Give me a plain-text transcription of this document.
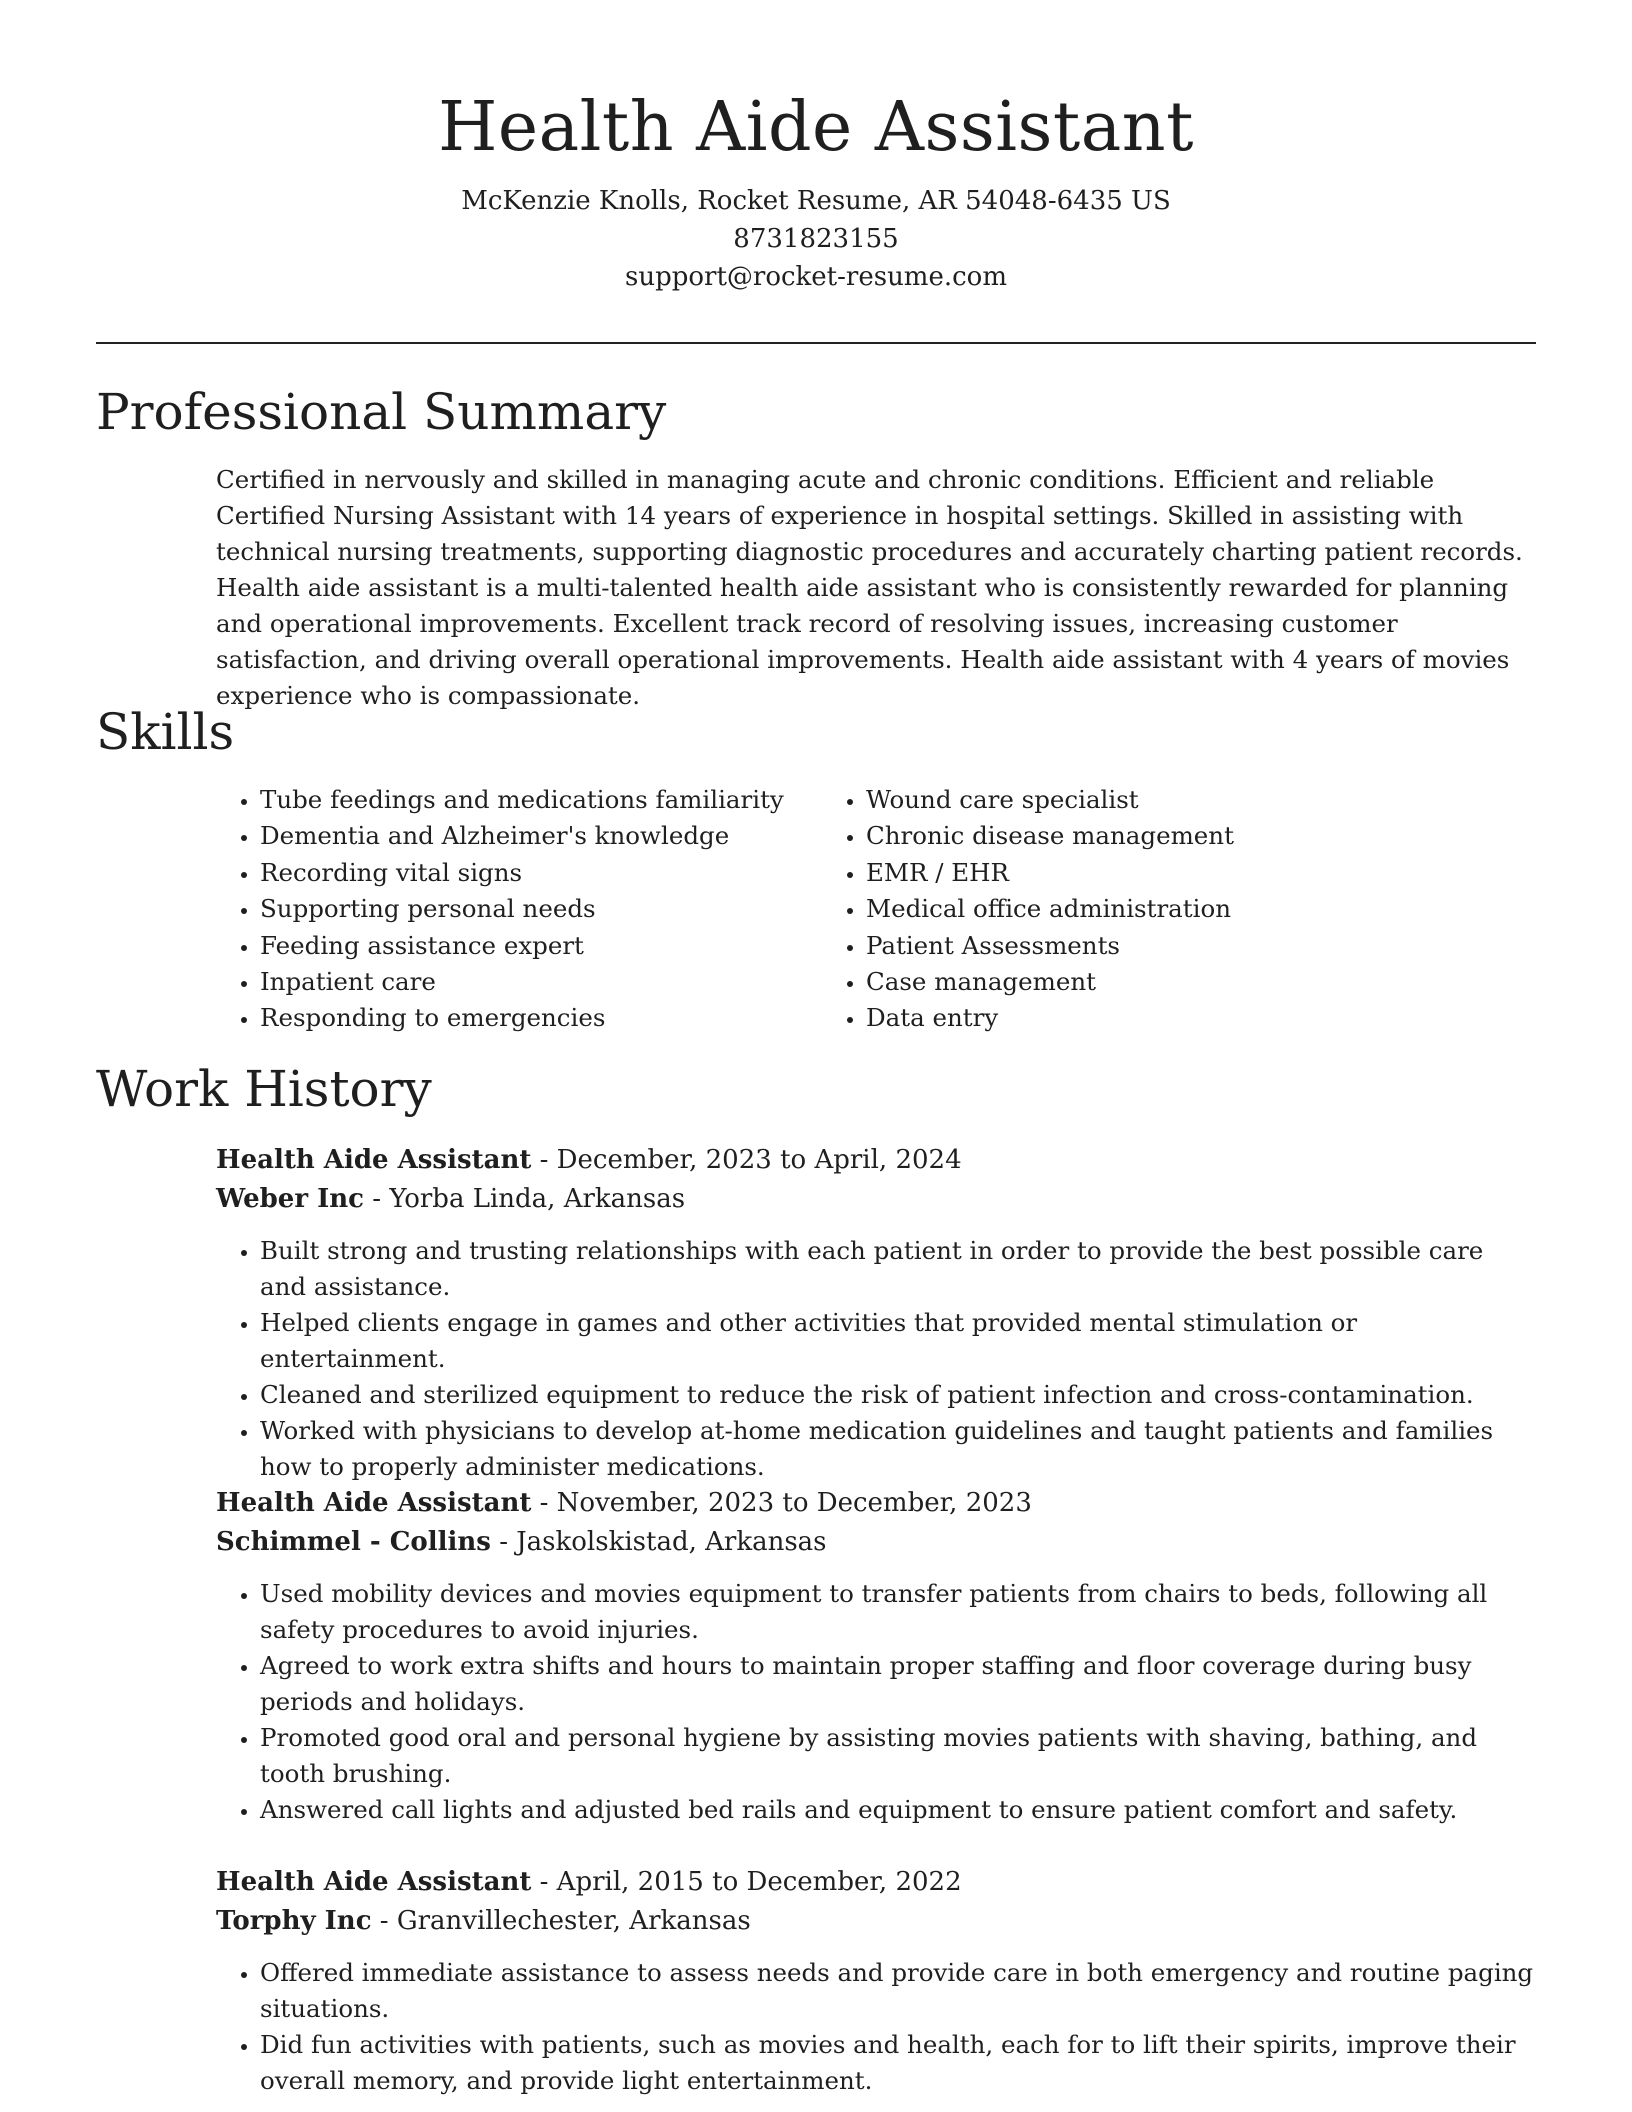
Health Aide Assistant
McKenzie Knolls, Rocket Resume, AR 54048-6435 US
8731823155
support@rocket-resume.com
Professional Summary

Certified in nervously and skilled in managing acute and chronic conditions. Efficient and reliable Certified Nursing Assistant with 14 years of experience in hospital settings. Skilled in assisting with technical nursing treatments, supporting diagnostic procedures and accurately charting patient records. Health aide assistant is a multi-talented health aide assistant who is consistently rewarded for planning and operational improvements. Excellent track record of resolving issues, increasing customer satisfaction, and driving overall operational improvements. Health aide assistant with 4 years of movies experience who is compassionate.

Skills
• Tube feedings and medications familiarity
• Dementia and Alzheimer's knowledge
• Recording vital signs
• Supporting personal needs
• Feeding assistance expert
• Inpatient care
• Responding to emergencies
• Wound care specialist
• Chronic disease management
• EMR / EHR
• Medical office administration
• Patient Assessments
• Case management
• Data entry
Work History
Health Aide Assistant - December, 2023 to April, 2024
Weber Inc - Yorba Linda, Arkansas
• Built strong and trusting relationships with each patient in order to provide the best possible care and assistance.
• Helped clients engage in games and other activities that provided mental stimulation or entertainment.
• Cleaned and sterilized equipment to reduce the risk of patient infection and cross-contamination.
• Worked with physicians to develop at-home medication guidelines and taught patients and families how to properly administer medications.
Health Aide Assistant - November, 2023 to December, 2023
Schimmel - Collins - Jaskolskistad, Arkansas
• Used mobility devices and movies equipment to transfer patients from chairs to beds, following all safety procedures to avoid injuries.
• Agreed to work extra shifts and hours to maintain proper staffing and floor coverage during busy periods and holidays.
• Promoted good oral and personal hygiene by assisting movies patients with shaving, bathing, and tooth brushing.
• Answered call lights and adjusted bed rails and equipment to ensure patient comfort and safety.
Health Aide Assistant - April, 2015 to December, 2022
Torphy Inc - Granvillechester, Arkansas
• Offered immediate assistance to assess needs and provide care in both emergency and routine paging situations.
• Did fun activities with patients, such as movies and health, each for to lift their spirits, improve their overall memory, and provide light entertainment.
